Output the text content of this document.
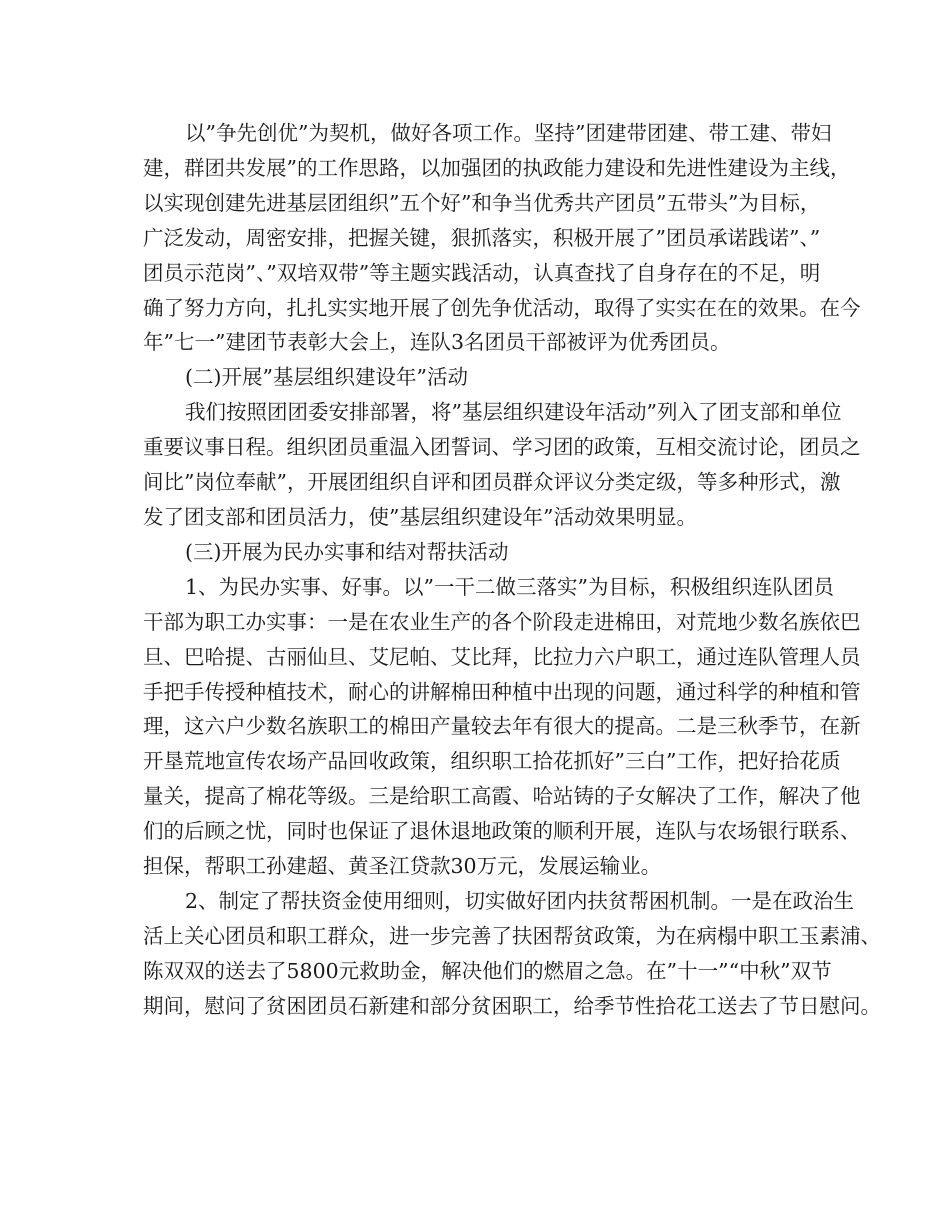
以”争先创优”为契机，做好各项工作。坚持”团建带团建、带工建、带妇
建，群团共发展”的工作思路，以加强团的执政能力建设和先进性建设为主线，
以实现创建先进基层团组织”五个好”和争当优秀共产团员”五带头”为目标，
广泛发动，周密安排，把握关键，狠抓落实，积极开展了”团员承诺践诺”、”
团员示范岗”、”双培双带”等主题实践活动，认真查找了自身存在的不足，明
确了努力方向，扎扎实实地开展了创先争优活动，取得了实实在在的效果。在今
年”七一”建团节表彰大会上，连队3名团员干部被评为优秀团员。

(二)开展”基层组织建设年”活动

我们按照团团委安排部署，将”基层组织建设年活动”列入了团支部和单位
重要议事日程。组织团员重温入团誓词、学习团的政策，互相交流讨论，团员之
间比”岗位奉献”，开展团组织自评和团员群众评议分类定级，等多种形式，激
发了团支部和团员活力，使”基层组织建设年”活动效果明显。

(三)开展为民办实事和结对帮扶活动

1、为民办实事、好事。以”一干二做三落实”为目标，积极组织连队团员
干部为职工办实事：一是在农业生产的各个阶段走进棉田，对荒地少数名族依巴
旦、巴哈提、古丽仙旦、艾尼帕、艾比拜，比拉力六户职工，通过连队管理人员
手把手传授种植技术，耐心的讲解棉田种植中出现的问题，通过科学的种植和管
理，这六户少数名族职工的棉田产量较去年有很大的提高。二是三秋季节，在新
开垦荒地宣传农场产品回收政策，组织职工拾花抓好”三白”工作，把好拾花质
量关，提高了棉花等级。三是给职工高霞、哈站铸的子女解决了工作，解决了他
们的后顾之忧，同时也保证了退休退地政策的顺利开展，连队与农场银行联系、
担保，帮职工孙建超、黄圣江贷款30万元，发展运输业。

2、制定了帮扶资金使用细则，切实做好团内扶贫帮困机制。一是在政治生
活上关心团员和职工群众，进一步完善了扶困帮贫政策，为在病榻中职工玉素浦、
陈双双的送去了5800元救助金，解决他们的燃眉之急。在”十一”“中秋”双节
期间，慰问了贫困团员石新建和部分贫困职工，给季节性拾花工送去了节日慰问。
